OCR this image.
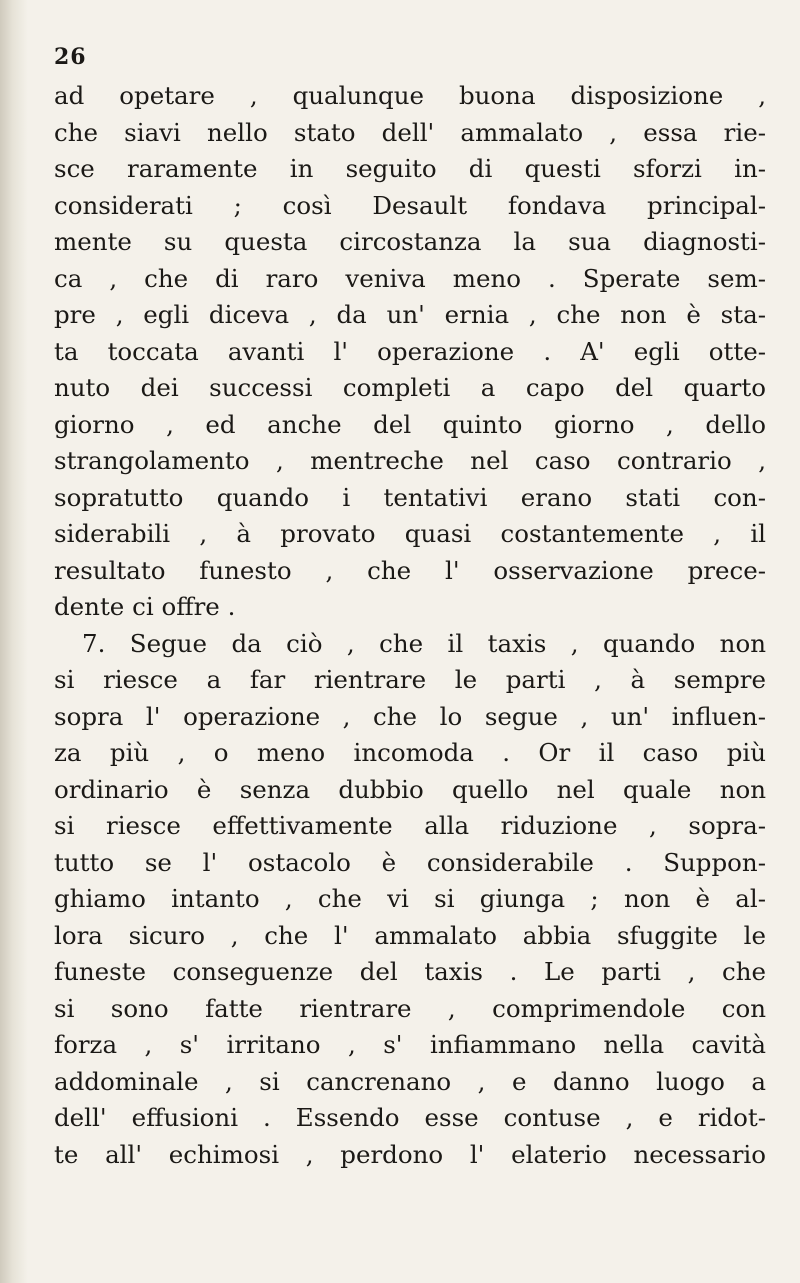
26
ad opetare , qualunque buona disposizione ,
che siavi nello stato dell' ammalato , essa rie-
sce raramente in seguito di questi sforzi in-
considerati ; così Desault fondava principal-
mente su questa circostanza la sua diagnosti-
ca , che di raro veniva meno . Sperate sem-
pre , egli diceva , da un' ernia , che non è sta-
ta toccata avanti l' operazione . A' egli otte-
nuto dei successi completi a capo del quarto
giorno , ed anche del quinto giorno , dello
strangolamento , mentreche nel caso contrario ,
sopratutto quando i tentativi erano stati con-
siderabili , à provato quasi costantemente , il
resultato funesto , che l' osservazione prece-
dente ci offre .
7. Segue da ciò , che il taxis , quando non
si riesce a far rientrare le parti , à sempre
sopra l' operazione , che lo segue , un' influen-
za più , o meno incomoda . Or il caso più
ordinario è senza dubbio quello nel quale non
si riesce effettivamente alla riduzione , sopra-
tutto se l' ostacolo è considerabile . Suppon-
ghiamo intanto , che vi si giunga ; non è al-
lora sicuro , che l' ammalato abbia sfuggite le
funeste conseguenze del taxis . Le parti , che
si sono fatte rientrare , comprimendole con
forza , s' irritano , s' infiammano nella cavità
addominale , si cancrenano , e danno luogo a
dell' effusioni . Essendo esse contuse , e ridot-
te all' echimosi , perdono l' elaterio necessario
